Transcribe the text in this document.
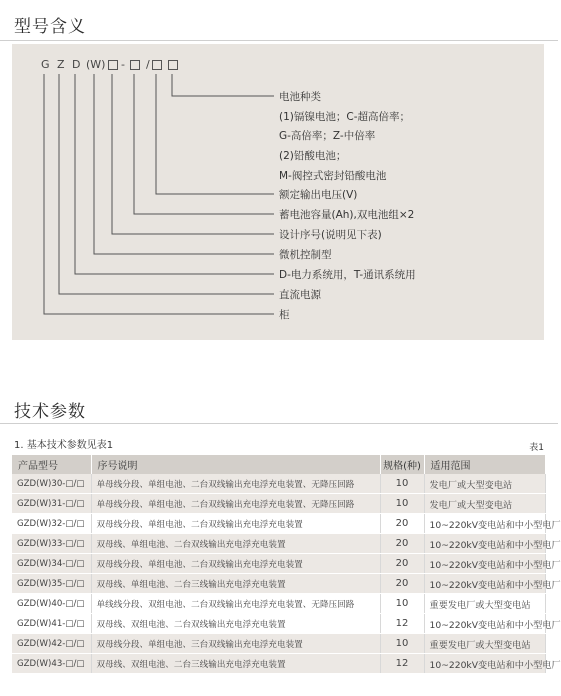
型号含义
G Z D (W) - /
电池种类
(1)镉镍电池；C-超高倍率；
G-高倍率；Z-中倍率
(2)铅酸电池；
M-阀控式密封铅酸电池
额定输出电压(V)
蓄电池容量(Ah),双电池组×2
设计序号(说明见下表)
微机控制型
D-电力系统用，T-通讯系统用
直流电源
柜
技术参数
1. 基本技术参数见表1	表1
产品型号	序号说明	规格(种)	适用范围
GZD(W)30-□/□	单母线分段、单组电池、二台双线输出充电浮充电装置、无降压回路	10	发电厂或大型变电站
GZD(W)31-□/□	单母线分段、单组电池、二台双线输出充电浮充电装置、无降压回路	10	发电厂或大型变电站
GZD(W)32-□/□	双母线分段、单组电池、二台双线输出充电浮充电装置	20	10~220kV变电站和中小型电厂
GZD(W)33-□/□	双母线、单组电池、二台双线输出充电浮充电装置	20	10~220kV变电站和中小型电厂
GZD(W)34-□/□	双母线分段、单组电池、二台双线输出充电浮充电装置	20	10~220kV变电站和中小型电厂
GZD(W)35-□/□	双母线、单组电池、二台三线输出充电浮充电装置	20	10~220kV变电站和中小型电厂
GZD(W)40-□/□	单线线分段、双组电池、二台双线输出充电浮充电装置、无降压回路	10	重要发电厂或大型变电站
GZD(W)41-□/□	双母线、双组电池、二台双线输出充电浮充电装置	12	10~220kV变电站和中小型电厂
GZD(W)42-□/□	双母线分段、单组电池、三台双线输出充电浮充电装置	10	重要发电厂或大型变电站
GZD(W)43-□/□	双母线、双组电池、二台三线输出充电浮充电装置	12	10~220kV变电站和中小型电厂
